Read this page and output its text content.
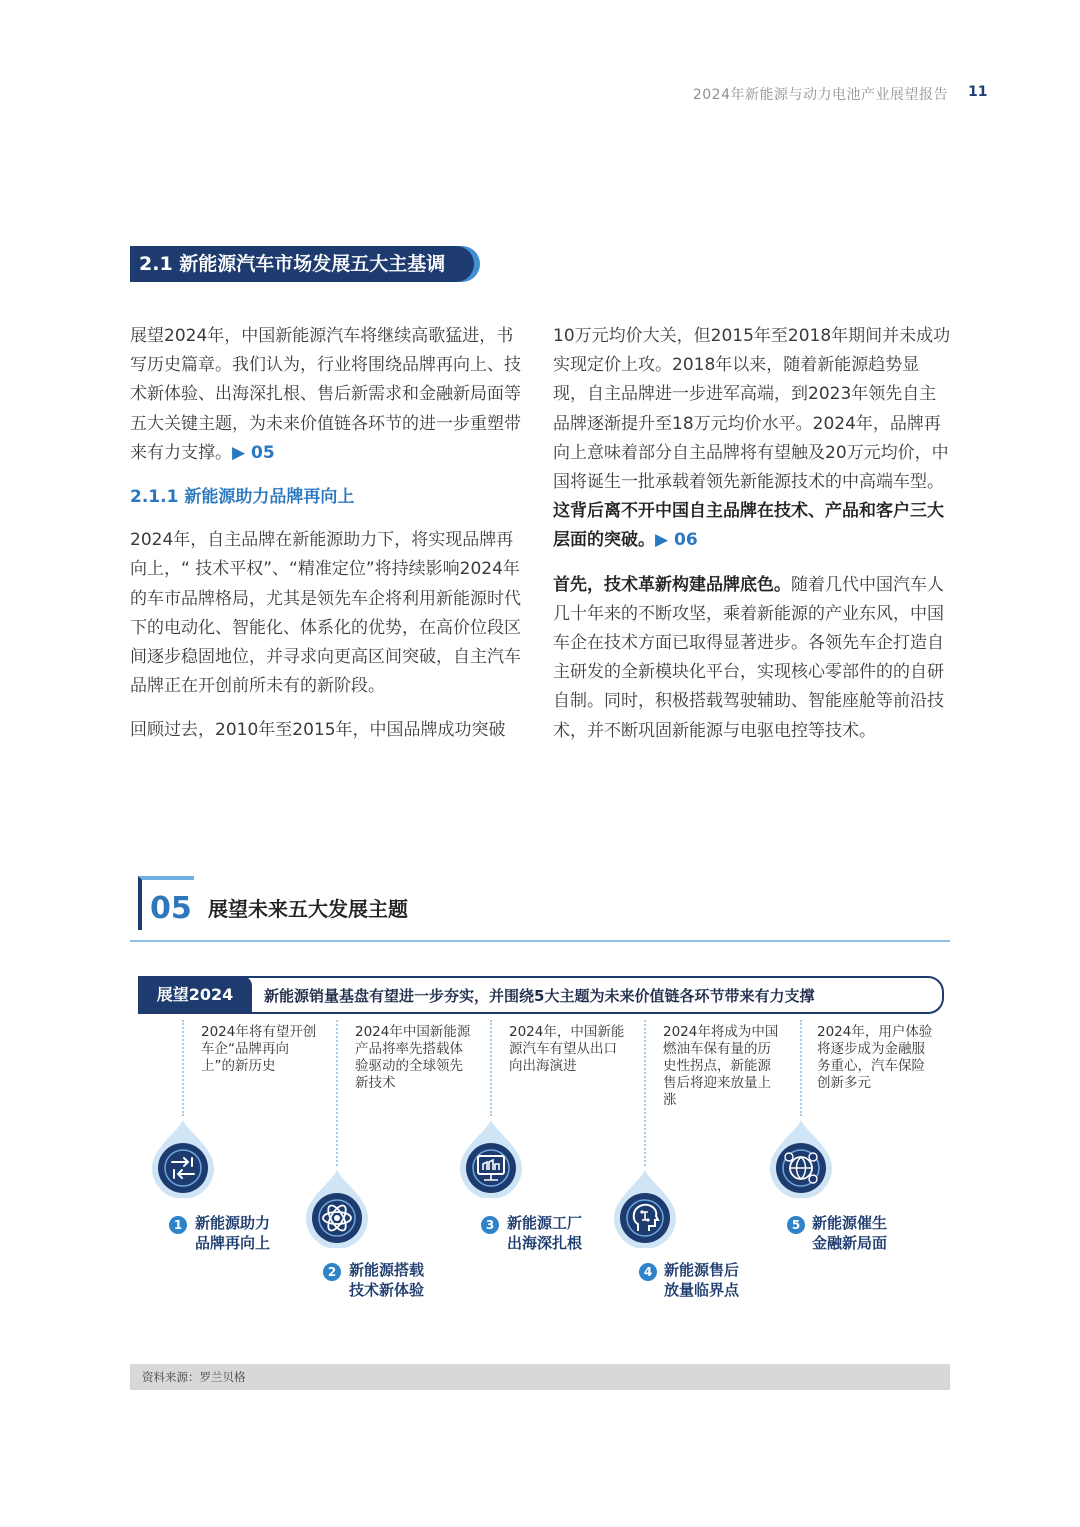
2024年新能源与动力电池产业展望报告 11
2.1 新能源汽车市场发展五大主基调

展望2024年，中国新能源汽车将继续高歌猛进，书写历史篇章。我们认为，行业将围绕品牌再向上、技术新体验、出海深扎根、售后新需求和金融新局面等五大关键主题，为未来价值链各环节的进一步重塑带来有力支撑。▶ 05

2.1.1 新能源助力品牌再向上

2024年，自主品牌在新能源助力下，将实现品牌再向上，“ 技术平权”、“精准定位”将持续影响2024年的车市品牌格局，尤其是领先车企将利用新能源时代下的电动化、智能化、体系化的优势，在高价位段区间逐步稳固地位，并寻求向更高区间突破，自主汽车品牌正在开创前所未有的新阶段。

回顾过去，2010年至2015年，中国品牌成功突破

10万元均价大关，但2015年至2018年期间并未成功实现定价上攻。2018年以来，随着新能源趋势显现，自主品牌进一步进军高端，到2023年领先自主品牌逐渐提升至18万元均价水平。2024年，品牌再向上意味着部分自主品牌将有望触及20万元均价，中国将诞生一批承载着领先新能源技术的中高端车型。这背后离不开中国自主品牌在技术、产品和客户三大层面的突破。▶ 06

首先，技术革新构建品牌底色。随着几代中国汽车人几十年来的不断攻坚，乘着新能源的产业东风，中国车企在技术方面已取得显著进步。各领先车企打造自主研发的全新模块化平台，实现核心零部件的的自研自制。同时，积极搭载驾驶辅助、智能座舱等前沿技术，并不断巩固新能源与电驱电控等技术。

05 展望未来五大发展主题
展望2024	新能源销量基盘有望进一步夯实，并围绕5大主题为未来价值链各环节带来有力支撑
2024年将有望开创车企“品牌再向上”的新历史
1 新能源助力
品牌再向上
2024年中国新能源产品将率先搭载体验驱动的全球领先新技术
2 新能源搭载
技术新体验
2024年，中国新能源汽车有望从出口向出海演进
3 新能源工厂
出海深扎根
2024年将成为中国燃油车保有量的历史性拐点，新能源售后将迎来放量上涨
4 新能源售后
放量临界点
2024年，用户体验将逐步成为金融服务重心，汽车保险创新多元
5 新能源催生
金融新局面
资料来源：罗兰贝格
